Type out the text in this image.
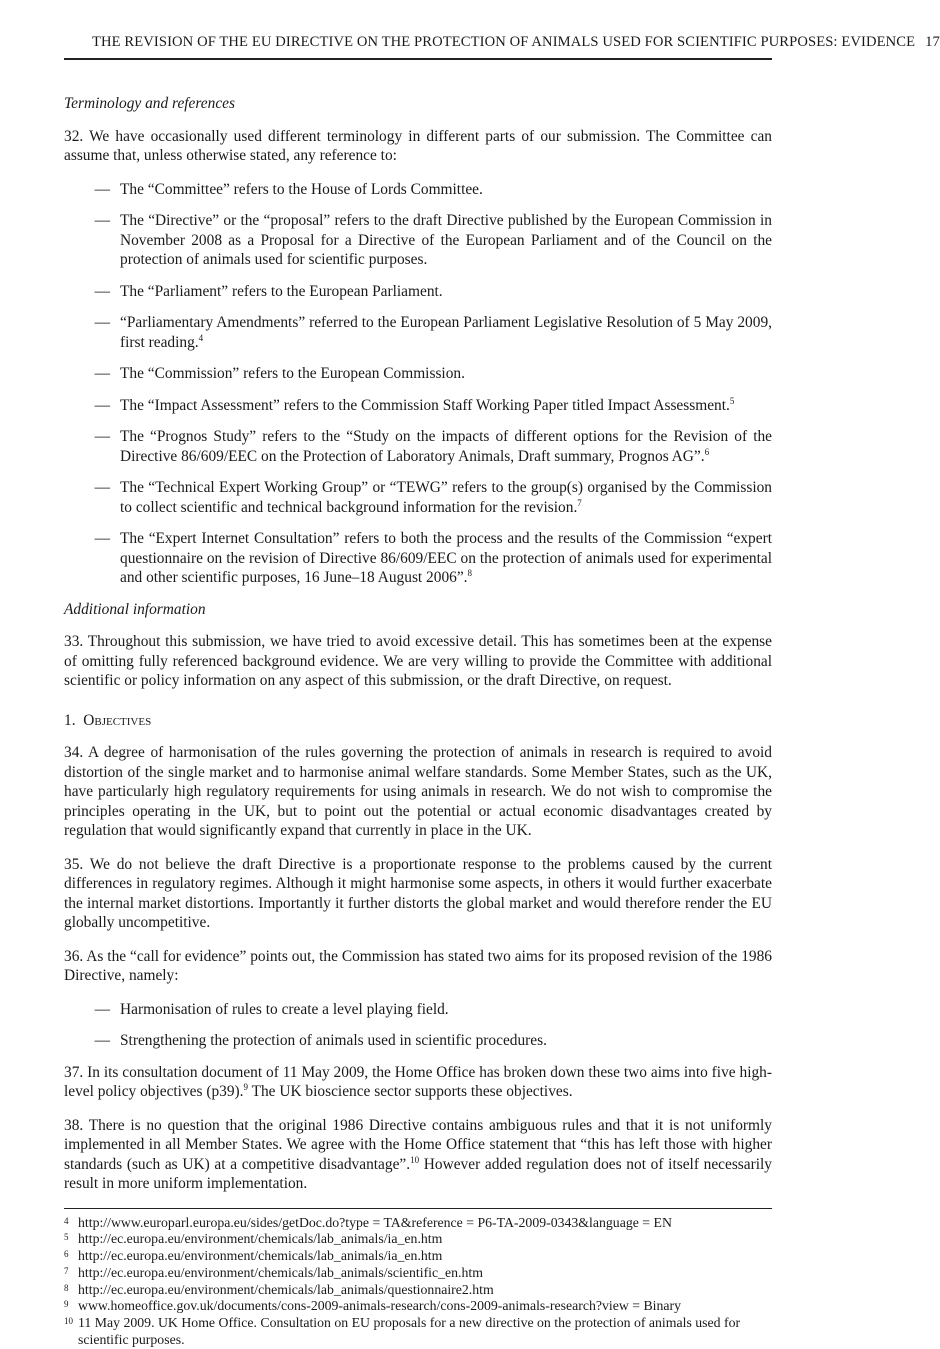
THE REVISION OF THE EU DIRECTIVE ON THE PROTECTION OF ANIMALS USED FOR SCIENTIFIC PURPOSES: EVIDENCE 17
Terminology and references

32. We have occasionally used different terminology in different parts of our submission. The Committee can assume that, unless otherwise stated, any reference to:

— The “Committee” refers to the House of Lords Committee.
— The “Directive” or the “proposal” refers to the draft Directive published by the European Commission in November 2008 as a Proposal for a Directive of the European Parliament and of the Council on the protection of animals used for scientific purposes.
— The “Parliament” refers to the European Parliament.
— “Parliamentary Amendments” referred to the European Parliament Legislative Resolution of 5 May 2009, first reading.$^4$
— The “Commission” refers to the European Commission.
— The “Impact Assessment” refers to the Commission Staff Working Paper titled Impact Assessment.$^5$
— The “Prognos Study” refers to the “Study on the impacts of different options for the Revision of the Directive 86/609/EEC on the Protection of Laboratory Animals, Draft summary, Prognos AG”.$^6$
— The “Technical Expert Working Group” or “TEWG” refers to the group(s) organised by the Commission to collect scientific and technical background information for the revision.$^7$
— The “Expert Internet Consultation” refers to both the process and the results of the Commission “expert questionnaire on the revision of Directive 86/609/EEC on the protection of animals used for experimental and other scientific purposes, 16 June–18 August 2006”.$^8$
Additional information

33. Throughout this submission, we have tried to avoid excessive detail. This has sometimes been at the expense of omitting fully referenced background evidence. We are very willing to provide the Committee with additional scientific or policy information on any aspect of this submission, or the draft Directive, on request.

1. Objectives

34. A degree of harmonisation of the rules governing the protection of animals in research is required to avoid distortion of the single market and to harmonise animal welfare standards. Some Member States, such as the UK, have particularly high regulatory requirements for using animals in research. We do not wish to compromise the principles operating in the UK, but to point out the potential or actual economic disadvantages created by regulation that would significantly expand that currently in place in the UK.

35. We do not believe the draft Directive is a proportionate response to the problems caused by the current differences in regulatory regimes. Although it might harmonise some aspects, in others it would further exacerbate the internal market distortions. Importantly it further distorts the global market and would therefore render the EU globally uncompetitive.

36. As the “call for evidence” points out, the Commission has stated two aims for its proposed revision of the 1986 Directive, namely:

— Harmonisation of rules to create a level playing field.
— Strengthening the protection of animals used in scientific procedures.

37. In its consultation document of 11 May 2009, the Home Office has broken down these two aims into five high-level policy objectives (p39).$^9$ The UK bioscience sector supports these objectives.

38. There is no question that the original 1986 Directive contains ambiguous rules and that it is not uniformly implemented in all Member States. We agree with the Home Office statement that “this has left those with higher standards (such as UK) at a competitive disadvantage”.$^{10}$ However added regulation does not of itself necessarily result in more uniform implementation.

4 http://www.europarl.europa.eu/sides/getDoc.do?type = TA&reference = P6-TA-2009-0343&language = EN
5 http://ec.europa.eu/environment/chemicals/lab_animals/ia_en.htm
6 http://ec.europa.eu/environment/chemicals/lab_animals/ia_en.htm
7 http://ec.europa.eu/environment/chemicals/lab_animals/scientific_en.htm
8 http://ec.europa.eu/environment/chemicals/lab_animals/questionnaire2.htm
9 www.homeoffice.gov.uk/documents/cons-2009-animals-research/cons-2009-animals-research?view = Binary
10 11 May 2009. UK Home Office. Consultation on EU proposals for a new directive on the protection of animals used for scientific purposes.
